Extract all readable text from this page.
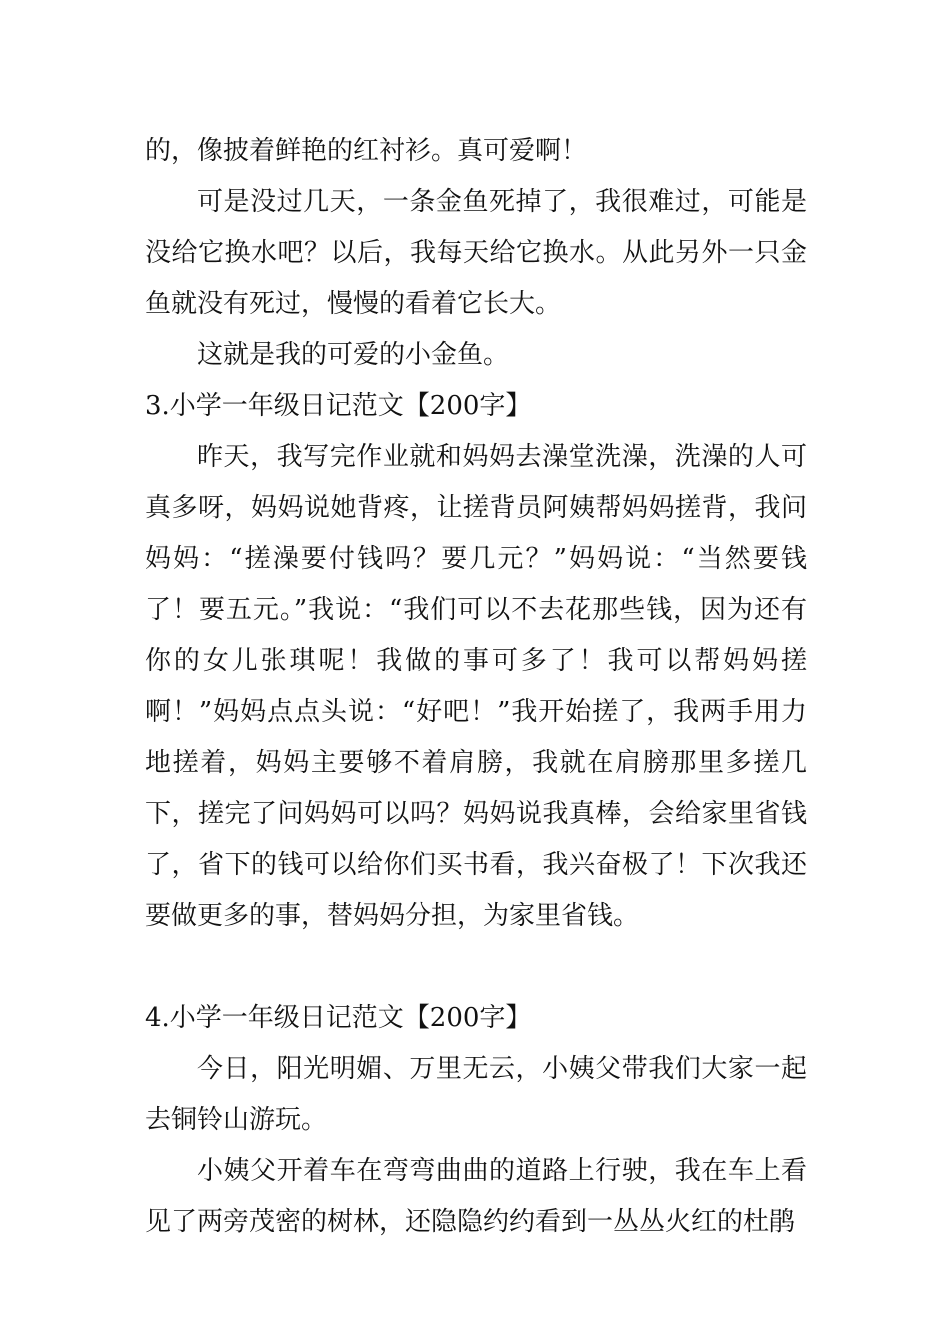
的，像披着鲜艳的红衬衫。真可爱啊！

可是没过几天，一条金鱼死掉了，我很难过，可能是没给它换水吧？以后，我每天给它换水。从此另外一只金鱼就没有死过，慢慢的看着它长大。

这就是我的可爱的小金鱼。

3.小学一年级日记范文【200字】

昨天，我写完作业就和妈妈去澡堂洗澡，洗澡的人可真多呀，妈妈说她背疼，让搓背员阿姨帮妈妈搓背，我问妈妈：“搓澡要付钱吗？要几元？”妈妈说：“当然要钱了！要五元。”我说：“我们可以不去花那些钱，因为还有你的女儿张琪呢！我做的事可多了！我可以帮妈妈搓啊！”妈妈点点头说：“好吧！”我开始搓了，我两手用力地搓着，妈妈主要够不着肩膀，我就在肩膀那里多搓几下，搓完了问妈妈可以吗？妈妈说我真棒，会给家里省钱了，省下的钱可以给你们买书看，我兴奋极了！下次我还要做更多的事，替妈妈分担，为家里省钱。

4.小学一年级日记范文【200字】

今日，阳光明媚、万里无云，小姨父带我们大家一起去铜铃山游玩。

小姨父开着车在弯弯曲曲的道路上行驶，我在车上看见了两旁茂密的树林，还隐隐约约看到一丛丛火红的杜鹃
